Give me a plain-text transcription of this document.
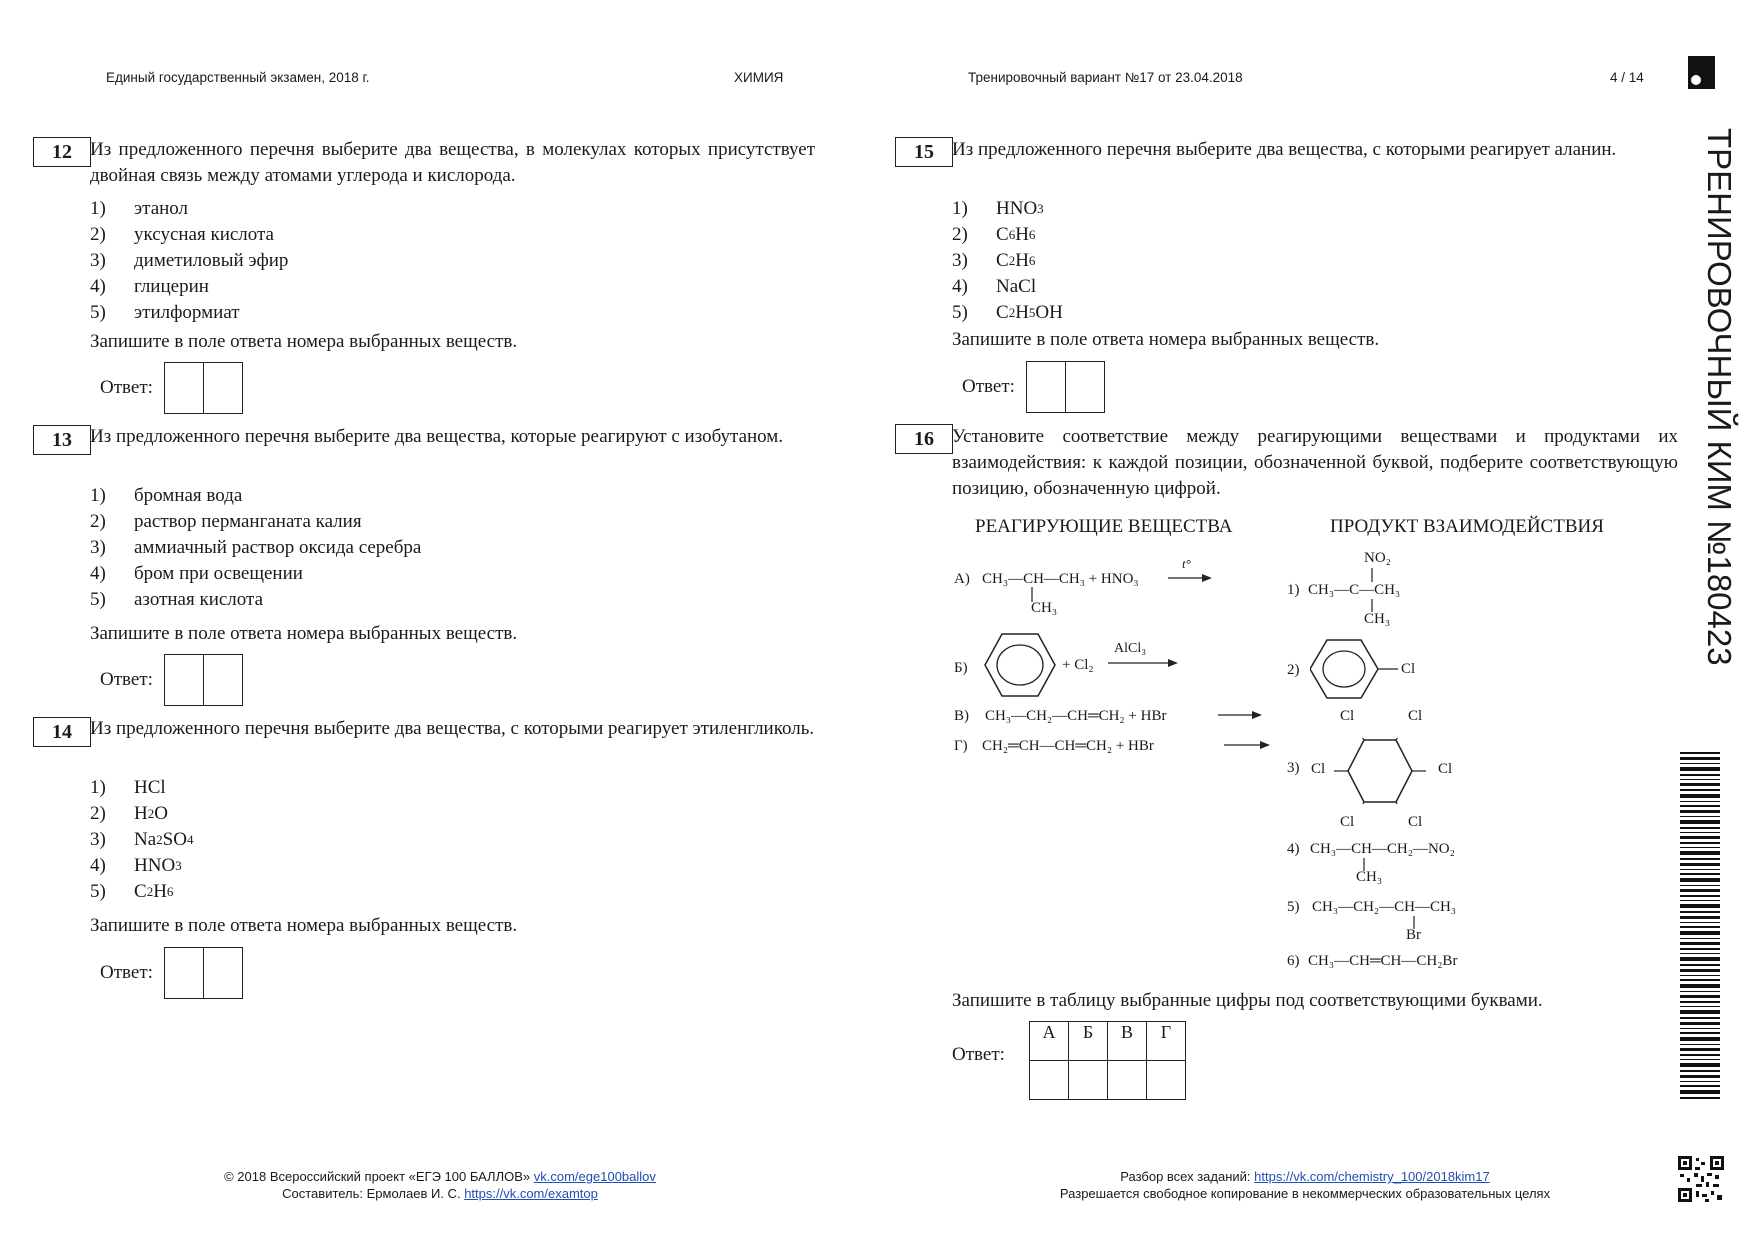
Единый государственный экзамен, 2018 г.	ХИМИЯ	Тренировочный вариант №17 от 23.04.2018	4 / 14
ТРЕНИРОВОЧНЫЙ КИМ №180423
12 Из предложенного перечня выберите два вещества, в молекулах которых присутствует двойная связь между атомами углерода и кислорода.
1)	этанол
2)	уксусная кислота
3)	диметиловый эфир
4)	глицерин
5)	этилформиат
Запишите в поле ответа номера выбранных веществ.
Ответ:
13 Из предложенного перечня выберите два вещества, которые реагируют с изобутаном.
1)	бромная вода
2)	раствор перманганата калия
3)	аммиачный раствор оксида серебра
4)	бром при освещении
5)	азотная кислота
Запишите в поле ответа номера выбранных веществ.
Ответ:
14 Из предложенного перечня выберите два вещества, с которыми реагирует этиленгликоль.
1)	HCl
2)	H 2 O
3)	Na 2 SO 4
4)	HNO 3
5)	C 2 H 6
Запишите в поле ответа номера выбранных веществ.
Ответ:
15 Из предложенного перечня выберите два вещества, с которыми реагирует аланин.
1)	HNO 3
2)	C 6 H 6
3)	C 2 H 6
4)	NaCl
5)	C 2 H 5 OH
Запишите в поле ответа номера выбранных веществ.
Ответ:
16 Установите соответствие между реагирующими веществами и продуктами их взаимодействия: к каждой позиции, обозначенной буквой, подберите соответствующую позицию, обозначенную цифрой.
РЕАГИРУЮЩИЕ ВЕЩЕСТВА	ПРОДУКТ ВЗАИМОДЕЙСТВИЯ
А) CH₃—CH—CH₃ + HNO₃
CH₃
t°
Б)	+ Cl₂
AlCl₃
В) CH₃—CH₂—CH═CH₂ + HBr
Г) CH₂═CH—CH═CH₂ + HBr
NO₂
1) CH₃—C—CH₃
CH₃
2)	Cl
3)
Cl	Cl
Cl	Cl
Cl	Cl
4) CH₃—CH—CH₂—NO₂
CH₃
5) CH₃—CH₂—CH—CH₃
Br
6) CH₃—CH═CH—CH₂Br
Запишите в таблицу выбранные цифры под соответствующими буквами.
Ответ:
А	Б	В	Г

© 2018 Всероссийский проект «ЕГЭ 100 БАЛЛОВ» vk.com/ege100ballov
Составитель: Ермолаев И. С. https://vk.com/examtop
Разбор всех заданий: https://vk.com/chemistry_100/2018kim17
Разрешается свободное копирование в некоммерческих образовательных целях
